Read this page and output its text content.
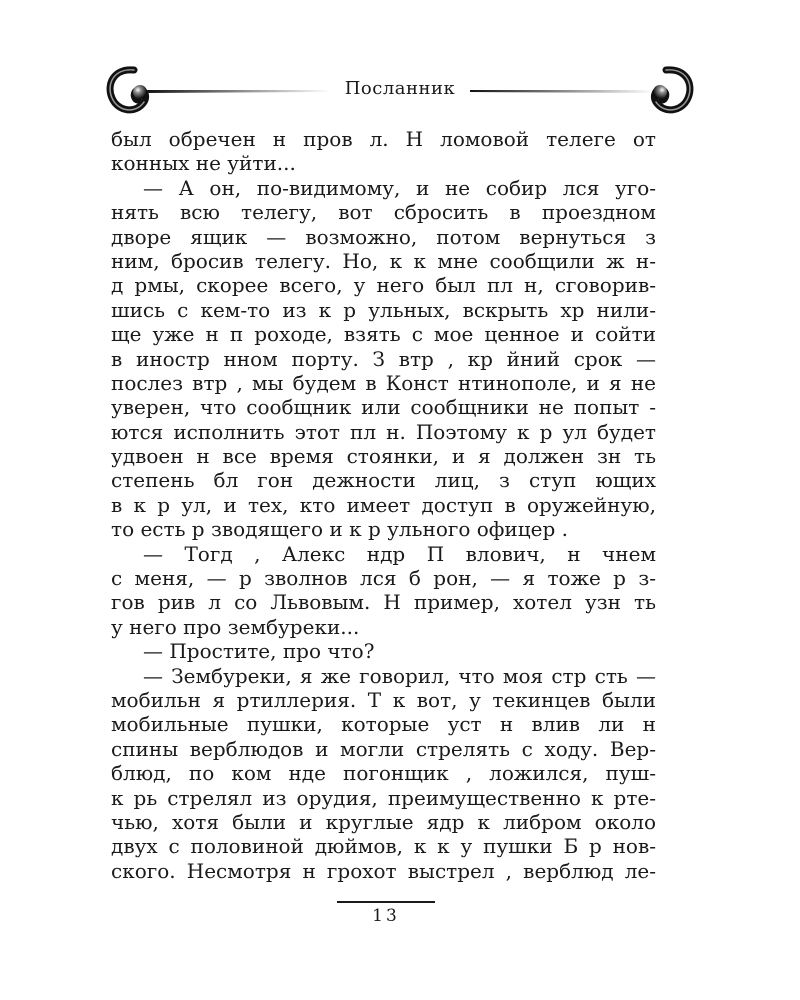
Посланник
был обречен н пров л. Н ломовой телеге от
конных не уйти...
— А он, по-видимому, и не собир лся уго-
нять всю телегу, вот сбросить в проездном
дворе ящик — возможно, потом вернуться з
ним, бросив телегу. Но, к к мне сообщили ж н-
д рмы, скорее всего, у него был пл н, сговорив-
шись с кем-то из к р ульных, вскрыть хр нили-
ще уже н п роходе, взять с мое ценное и сойти
в иностр нном порту. З втр , кр йний срок —
послез втр , мы будем в Конст нтинополе, и я не
уверен, что сообщник или сообщники не попыт -
ются исполнить этот пл н. Поэтому к р ул будет
удвоен н все время стоянки, и я должен зн ть
степень бл гон дежности лиц, з ступ ющих
в к р ул, и тех, кто имеет доступ в оружейную,
то есть р зводящего и к р ульного офицер .
— Тогд , Алекс ндр П влович, н чнем
с меня, — р зволнов лся б рон, — я тоже р з-
гов рив л со Львовым. Н пример, хотел узн ть
у него про зембуреки...
— Простите, про что?
— Зембуреки, я же говорил, что моя стр сть —
мобильн я ртиллерия. Т к вот, у текинцев были
мобильные пушки, которые уст н влив ли н
спины верблюдов и могли стрелять с ходу. Вер-
блюд, по ком нде погонщик , ложился, пуш-
к рь стрелял из орудия, преимущественно к рте-
чью, хотя были и круглые ядр к либром около
двух с половиной дюймов, к к у пушки Б р нов-
ского. Несмотря н грохот выстрел , верблюд ле-
13
